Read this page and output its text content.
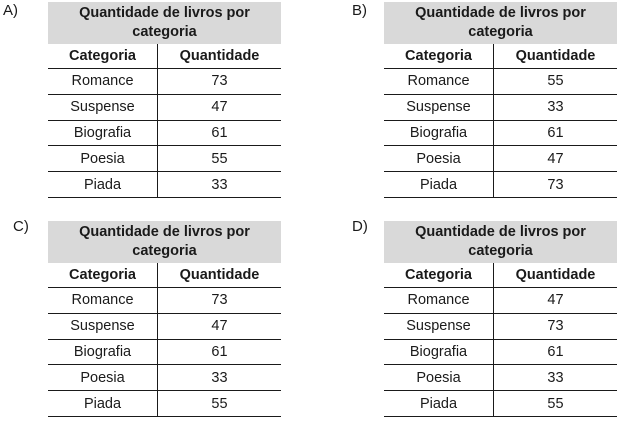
A)	Quantidade de livros por
categoria
Categoria	Quantidade
Romance	73
Suspense	47
Biografia	61
Poesia	55
Piada	33
B)	Quantidade de livros por
categoria
Categoria	Quantidade
Romance	55
Suspense	33
Biografia	61
Poesia	47
Piada	73
C)	Quantidade de livros por
categoria
Categoria	Quantidade
Romance	73
Suspense	47
Biografia	61
Poesia	33
Piada	55
D)	Quantidade de livros por
categoria
Categoria	Quantidade
Romance	47
Suspense	73
Biografia	61
Poesia	33
Piada	55
